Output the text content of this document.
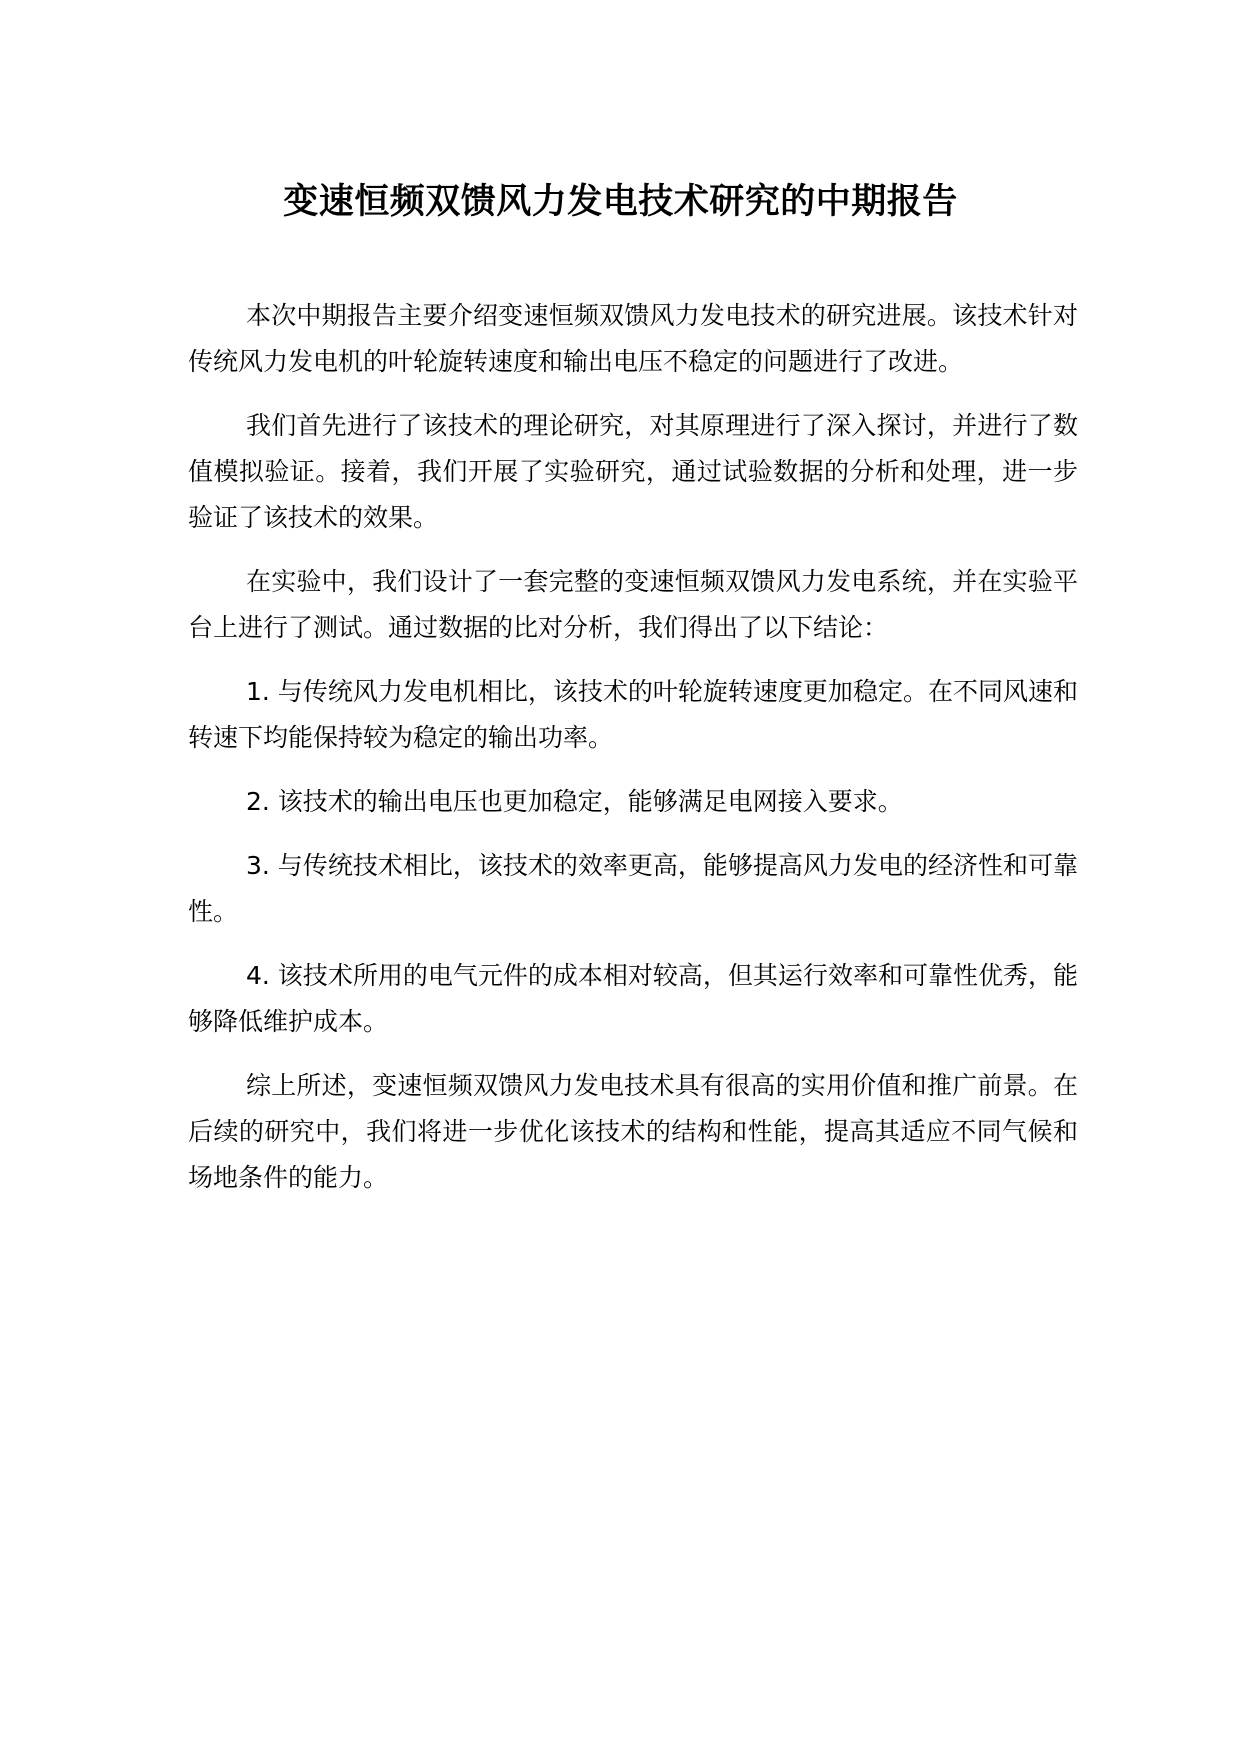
变速恒频双馈风力发电技术研究的中期报告

本次中期报告主要介绍变速恒频双馈风力发电技术的研究进展。该技术针对传统风力发电机的叶轮旋转速度和输出电压不稳定的问题进行了改进。

我们首先进行了该技术的理论研究，对其原理进行了深入探讨，并进行了数值模拟验证。接着，我们开展了实验研究，通过试验数据的分析和处理，进一步验证了该技术的效果。

在实验中，我们设计了一套完整的变速恒频双馈风力发电系统，并在实验平台上进行了测试。通过数据的比对分析，我们得出了以下结论：

1. 与传统风力发电机相比，该技术的叶轮旋转速度更加稳定。在不同风速和转速下均能保持较为稳定的输出功率。

2. 该技术的输出电压也更加稳定，能够满足电网接入要求。

3. 与传统技术相比，该技术的效率更高，能够提高风力发电的经济性和可靠性。

4. 该技术所用的电气元件的成本相对较高，但其运行效率和可靠性优秀，能够降低维护成本。

综上所述，变速恒频双馈风力发电技术具有很高的实用价值和推广前景。在后续的研究中，我们将进一步优化该技术的结构和性能，提高其适应不同气候和场地条件的能力。
